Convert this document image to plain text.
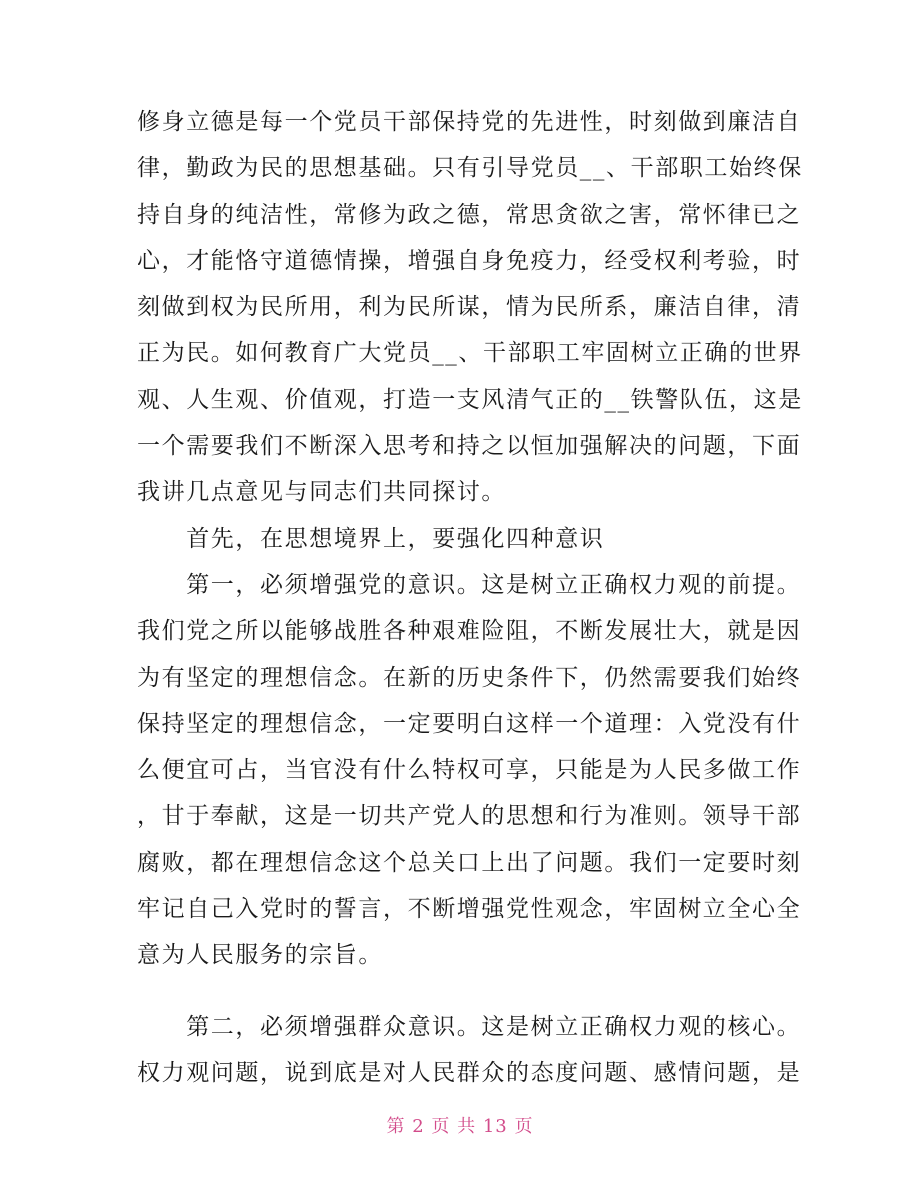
修身立德是每一个党员干部保持党的先进性，时刻做到廉洁自
律，勤政为民的思想基础。只有引导党员__、干部职工始终保
持自身的纯洁性，常修为政之德，常思贪欲之害，常怀律已之
心，才能恪守道德情操，增强自身免疫力，经受权利考验，时
刻做到权为民所用，利为民所谋，情为民所系，廉洁自律，清
正为民。如何教育广大党员__、干部职工牢固树立正确的世界
观、人生观、价值观，打造一支风清气正的__铁警队伍，这是
一个需要我们不断深入思考和持之以恒加强解决的问题，下面
我讲几点意见与同志们共同探讨。
　　首先，在思想境界上，要强化四种意识
　　第一，必须增强党的意识。这是树立正确权力观的前提。
我们党之所以能够战胜各种艰难险阻，不断发展壮大，就是因
为有坚定的理想信念。在新的历史条件下，仍然需要我们始终
保持坚定的理想信念，一定要明白这样一个道理：入党没有什
么便宜可占，当官没有什么特权可享，只能是为人民多做工作
，甘于奉献，这是一切共产党人的思想和行为准则。领导干部
腐败，都在理想信念这个总关口上出了问题。我们一定要时刻
牢记自己入党时的誓言，不断增强党性观念，牢固树立全心全
意为人民服务的宗旨。
　　第二，必须增强群众意识。这是树立正确权力观的核心。
权力观问题，说到底是对人民群众的态度问题、感情问题，是
第 2 页 共 13 页
